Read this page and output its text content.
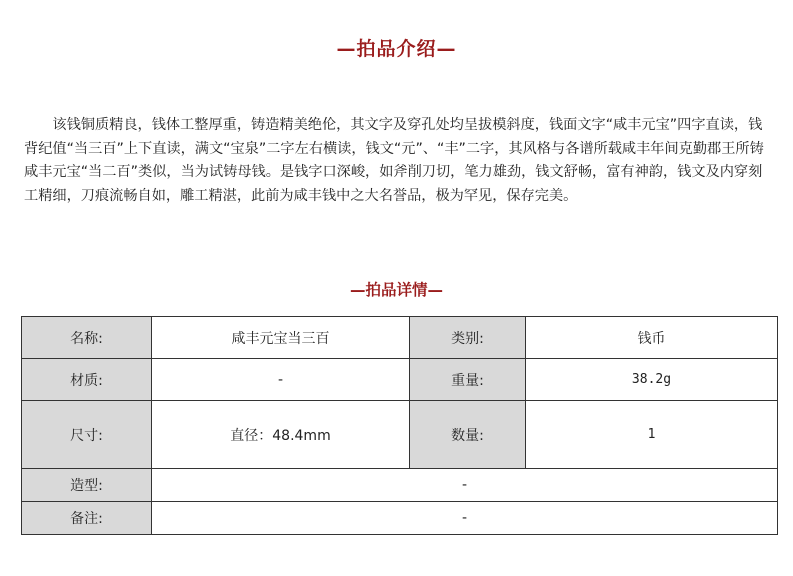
—拍品介绍—
该钱铜质精良，钱体工整厚重，铸造精美绝伦，其文字及穿孔处均呈拔模斜度，钱面文字“咸丰元宝”四字直读，钱背纪值“当三百”上下直读，满文“宝泉”二字左右横读，钱文“元”、“丰”二字，其风格与各谱所载咸丰年间克勤郡王所铸咸丰元宝“当二百”类似，当为试铸母钱。是钱字口深峻，如斧削刀切，笔力雄劲，钱文舒畅，富有神韵，钱文及内穿刻工精细，刀痕流畅自如，雕工精湛，此前为咸丰钱中之大名誉品，极为罕见，保存完美。
—拍品详情—
名称:	咸丰元宝当三百	类别:	钱币
材质:	-	重量:	38.2g
尺寸:	直径：48.4mm	数量:	1
造型:	-		
备注:	-		
